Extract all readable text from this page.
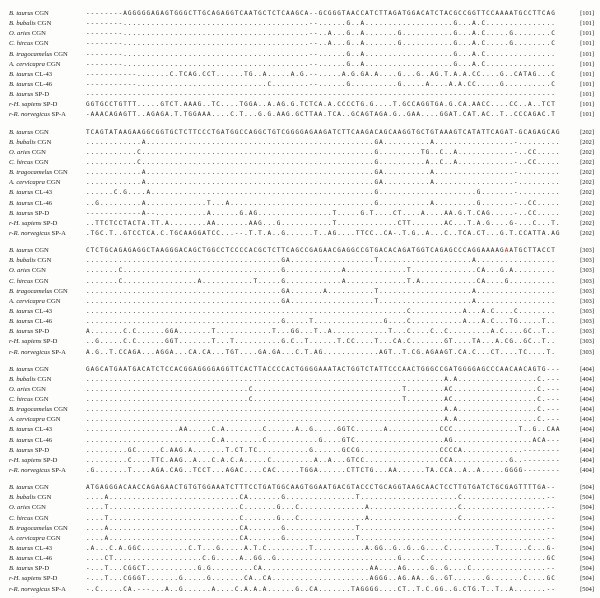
B. taurus CGN	--------AGGGGGAGAGTGGGCTTGCAGAGGTCAATGCTCTCAAGCA--GCGGGTAACCATCTTAGATGGACATCTACGCCGGTTCCAAAATGCCTTCAG	[101]
B. bubalis CGN	--------........................................--......G..A...................G...A.C...............	[101]
O. aries CGN	--------........................................--..A...G..A.......G...........G...A.C.....G........C	[101]
C. hircus CGN	--------........................................--..A...G..A.......G...........G...A.C.....G........C	[101]
B. tragocamelus CGN	--------........................................--......G..A...................G...A.C...............	[101]
A. cervicapra CGN	--------........................................--......G..A...................G...A.C...............	[101]
B. taurus CL-43	-----------.......C.TCAG.CCT......TG..A.....A.G.--.....A.G.GA.A....G...G..AG.T.A.A.CC....G..CATAG...C	[101]
B. taurus CL-46	-----------............................C........--......G..........G.....A....A.A.CC.....G..........C	[101]
B. taurus SP-D	-----------------------------------------------------------------------------------------------------	[101]
r-H. sapiens SP-D	GGTGCCTGTTT.....GTCT.AAAG..TC....TGGA..A.AG.G.TCTCA.A.CCCCTG.G....T.GCCAGGTGA.G.CA.AACC....CC..A..TCT	[101]
r-R. norvegicus SP-A	-AAACAGAGTT..AGAGA.T.TGGAAA....C.T...G.G.AAG.GCTTAA.TCA..GCAGTAGA.G..GAA....GGAT.CAT.AC..T..CCCAGAC.T	[101]
B. taurus CGN	TCAGTATAAGAAGGCGGTGCTCTTCCCTGATGGCCAGGCTGTCGGGGAGAAGATCTTCAAGACAGCAAGGTGCTGTAAAGTCATATTCAGAT-GCAGAGCAG	[202]
B. bubalis CGN	............A.................................................GA..........A.................-.........	[202]
O. aries CGN	...........C..................................................G.........TG..C..A............-..CC.....	[202]
C. hircus CGN	...........C..................................................G..........A..C..A............-..CC.....	[202]
B. tragocamelus CGN	............A.................................................GA..........A.................-.........	[202]
A. cervicapra CGN	............A.................................................GA..........A.................-.........	[202]
B. taurus CL-43	......C.G....A................................................G.....................G.......-.........	[202]
B. taurus CL-46	..G.........A.............T...A...............................G...........A.........G.......-..CC.....	[202]
B. taurus SP-D	------------A--...........A......G.AG................T.....G.T....CT....A....AA.G.T.CAG.....-..CC.....	[202]
r-H. sapiens SP-D	..TTCTCCTACTA.TT.A........AA.......AAG...G...........T.............CTT.......AC...T.A.G....G-...C...T.	[202]
r-R. norvegicus SP-A	.TGC.T..GTCCTCA.C.TGCAAGGATCC...--.T.T.A..G......T..AG....TTCC..CA-.T.G..A...C..TCA.CT...G.T.CCATTA.AG	[202]
B. taurus CGN	CTCTGCAGAGAGGCTAAGGGACAGCTGGCCTCCCCACGCTCTTCAGCCGAGAACGAGGCCGTGACACAGATGGTCAGAGCCCAGGAAAAGAATGCTTACCT	[303]
B. bubalis CGN	..........................................GA..................T....................A.................	[303]
O. aries CGN	.......C..................................G............A.............T..............CA...G.A.........	[303]
C. hircus CGN	.......C................A...........T.....G............A.............T.A............CA....G..........	[303]
B. tragocamelus CGN	..........................................GA.......A..........T....................A.................	[303]
A. cervicapra CGN	..........................................GA..................T....................A.................	[303]
B. taurus CL-43	.....................................................................C...........A...A.C....C........	[303]
B. taurus CL-46	..........................................G.....T...............G....C...........A...A.C...TG.....T..	[303]
B. taurus SP-D	A.......C.C......GGA.......T............T...GG...T..A............T...C....C..C.........A.C....GC..T..	[303]
r-H. sapiens SP-D	..G.....C.C......GGT.......T...T..........G.C..T......T.CC....T...CA.C.......GT....TA...A.CG..GC..T..	[303]
r-R. norvegicus SP-A	A.G..T.CCAGA...AGGA...CA.CA...TGT....GA.GA...C.T.AG............AGT..T.CG.AGAAGT.CA.C...CT....TC....T.	[303]
B. taurus CGN	GAGCATGAATGACATCTCCACGGAGGGGAGGTTCACTTACCCCACTGGGGAAATACTGGTCTATTCCCAACTGGGCCGATGGGGAGCCCAACAACAGTG---	[404]
B. bubalis CGN	.............................................................................A.A.................C.---	[404]
O. aries CGN	...................................C................................T........AC..................C.---	[404]
C. hircus CGN	...................................C................................T........AC..................C.---	[404]
B. tragocamelus CGN	.............................................................................A.A.................C.---	[404]
A. cervicapra CGN	.............................................................................A.A.................C.---	[404]
B. taurus CL-43	....................AA.....C.A........C......A..G.....GGTC......A...........CCC..............T..G..CAA	[404]
B. taurus CL-46	...........................C.A........C...........G....GTC...................AG.................ACA---	[404]
B. taurus SP-D	.........GC.....C.AAG.A.......T.CT.TC...........G......GCCG.................CCCCA.............--------	[404]
r-H. sapiens SP-D	.........C....TTC.AAG..A...C.A.C.A.....C.........A..A...GTCC................CCA............G..--------	[404]
r-R. norvegicus SP-A	.G.......T....AGA.CAG..TCCT...AGAC....CAC.....TGGA......CTTCTG...AA......TA.CCA..A..A.....GGGG--------	[404]
B. taurus CGN	ATGAGGGACAACCAGAGAACTGTGTGGAAATCTTTCCTGATGGCAAGTGGAATGACGTACCCTGCAGGTAAGCAACTCCTTGTGATCTGCGAGTTTTGA--	[504]
B. bubalis CGN	....A............................CA.......G...............T.....................C..................--	[504]
O. aries CGN	....T............................C.......G...C..............A...................C..................--	[504]
C. hircus CGN	....T............................C.......G...C..............A...................C..................--	[504]
B. tragocamelus CGN	....A............................CA.......G...............T........................................--	[504]
A. cervicapra CGN	....A............................CA.......G...............T........................................--	[504]
B. taurus CL-43	.A...C.A.GGC..........C.T...G.....A.T.C.........T...........A.GG..G..G..G....C..........T......C...G-	[504]
B. taurus CL-46	....CT...................C.G.....A..GG..G..........................G....C..........................GC	[504]
B. taurus SP-D	-...T...CGGCT...........G.G.........CA.......................AA....AG.....G..G....C................--	[504]
r-H. sapiens SP-D	-...T...CGGGT.......G.....G.......CA..CA.....................AGGG..AG.AA..G..GT.......G.......C....GC	[504]
r-R. norvegicus SP-A	-.C.....CA.---...A..G......A....C.A.A.A......G..CA.......TAGGGG....CT..T.C.GG..G.CTG.T..T..A.......--	[504]
